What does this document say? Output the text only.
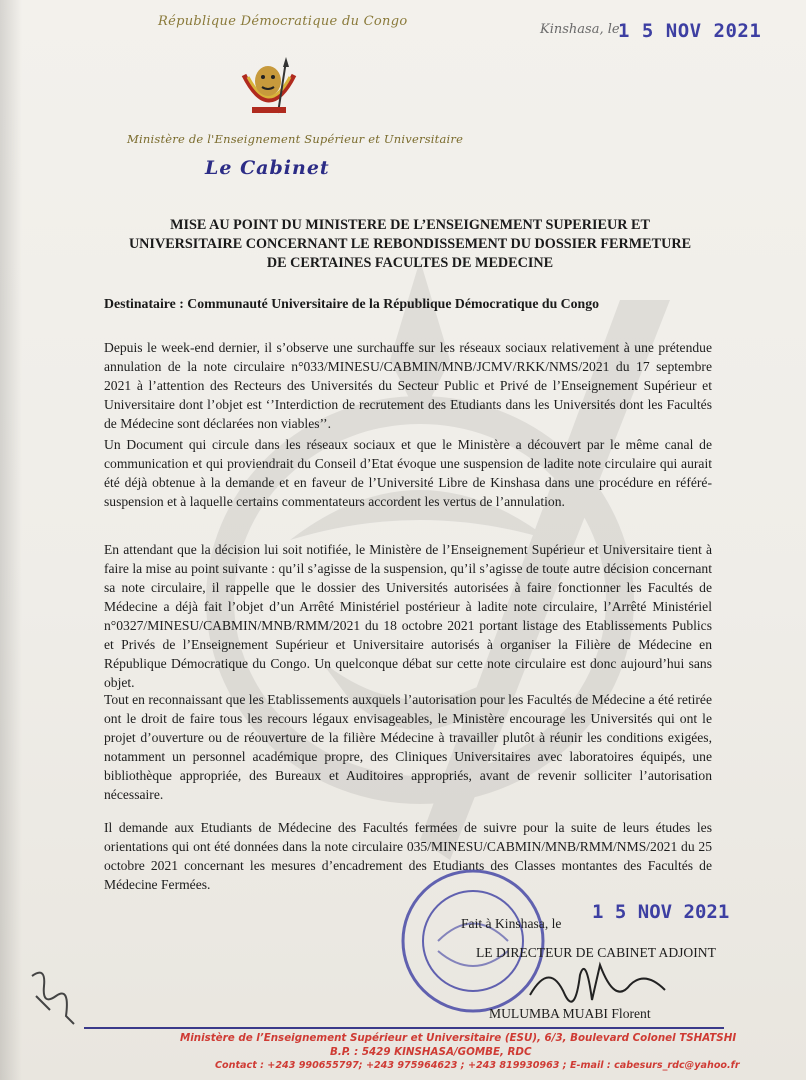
République Démocratique du Congo
Kinshasa, le
1 5 NOV 2021
Ministère de l'Enseignement Supérieur et Universitaire
Le Cabinet
MISE AU POINT DU MINISTERE DE L’ENSEIGNEMENT SUPERIEUR ET
UNIVERSITAIRE CONCERNANT LE REBONDISSEMENT DU DOSSIER FERMETURE
DE CERTAINES FACULTES DE MEDECINE
Destinataire : Communauté Universitaire de la République Démocratique du Congo
Depuis le week-end dernier, il s’observe une surchauffe sur les réseaux sociaux relativement à une prétendue annulation de la note circulaire n°033/MINESU/CABMIN/MNB/JCMV/RKK/NMS/2021 du 17 septembre 2021 à l’attention des Recteurs des Universités du Secteur Public et Privé de l’Enseignement Supérieur et Universitaire dont l’objet est ‘’Interdiction de recrutement des Etudiants dans les Universités dont les Facultés de Médecine sont déclarées non viables’’.
Un Document qui circule dans les réseaux sociaux et que le Ministère a découvert par le même canal de communication et qui proviendrait du Conseil d’Etat évoque une suspension de ladite note circulaire qui aurait été déjà obtenue à la demande et en faveur de l’Université Libre de Kinshasa dans une procédure en référé-suspension et à laquelle certains commentateurs accordent les vertus de l’annulation.
En attendant que la décision lui soit notifiée, le Ministère de l’Enseignement Supérieur et Universitaire tient à faire la mise au point suivante : qu’il s’agisse de la suspension, qu’il s’agisse de toute autre décision concernant sa note circulaire, il rappelle que le dossier des Universités autorisées à faire fonctionner les Facultés de Médecine a déjà fait l’objet d’un Arrêté Ministériel postérieur à ladite note circulaire, l’Arrêté Ministériel n°0327/MINESU/CABMIN/MNB/RMM/2021 du 18 octobre 2021 portant listage des Etablissements Publics et Privés de l’Enseignement Supérieur et Universitaire autorisés à organiser la Filière de Médecine en République Démocratique du Congo. Un quelconque débat sur cette note circulaire est donc aujourd’hui sans objet.
Tout en reconnaissant que les Etablissements auxquels l’autorisation pour les Facultés de Médecine a été retirée ont le droit de faire tous les recours légaux envisageables, le Ministère encourage les Universités qui ont le projet d’ouverture ou de réouverture de la filière Médecine à travailler plutôt à réunir les conditions exigées, notamment un personnel académique propre, des Cliniques Universitaires avec laboratoires équipés, une bibliothèque appropriée, des Bureaux et Auditoires appropriés, avant de revenir solliciter l’autorisation nécessaire.
Il demande aux Etudiants de Médecine des Facultés fermées de suivre pour la suite de leurs études les orientations qui ont été données dans la note circulaire 035/MINESU/CABMIN/MNB/RMM/NMS/2021 du 25 octobre 2021 concernant les mesures d’encadrement des Etudiants des Classes montantes des Facultés de Médecine Fermées.
Fait à Kinshasa, le
1 5 NOV 2021
LE DIRECTEUR DE CABINET ADJOINT
MULUMBA MUABI Florent
Ministère de l’Enseignement Supérieur et Universitaire (ESU), 6/3, Boulevard Colonel TSHATSHI
B.P. : 5429 KINSHASA/GOMBE, RDC
Contact : +243 990655797; +243 975964623 ; +243 819930963 ; E-mail : cabesurs_rdc@yahoo.fr
